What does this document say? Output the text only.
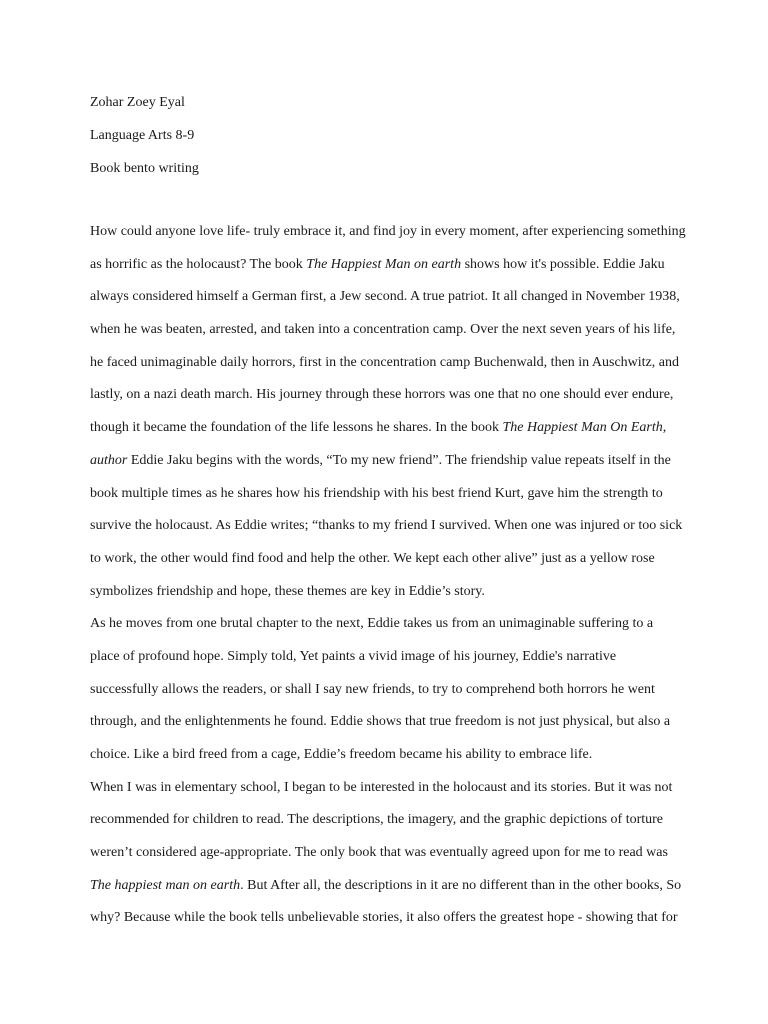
Zohar Zoey Eyal
Language Arts 8-9
Book bento writing
How could anyone love life- truly embrace it, and find joy in every moment, after experiencing something
as horrific as the holocaust? The book The Happiest Man on earth shows how it's possible. Eddie Jaku
always considered himself a German first, a Jew second. A true patriot. It all changed in November 1938,
when he was beaten, arrested, and taken into a concentration camp. Over the next seven years of his life,
he faced unimaginable daily horrors, first in the concentration camp Buchenwald, then in Auschwitz, and
lastly, on a nazi death march. His journey through these horrors was one that no one should ever endure,
though it became the foundation of the life lessons he shares. In the book The Happiest Man On Earth,
author Eddie Jaku begins with the words, “To my new friend”. The friendship value repeats itself in the
book multiple times as he shares how his friendship with his best friend Kurt, gave him the strength to
survive the holocaust. As Eddie writes; “thanks to my friend I survived. When one was injured or too sick
to work, the other would find food and help the other. We kept each other alive” just as a yellow rose
symbolizes friendship and hope, these themes are key in Eddie’s story.
As he moves from one brutal chapter to the next, Eddie takes us from an unimaginable suffering to a
place of profound hope. Simply told, Yet paints a vivid image of his journey, Eddie's narrative
successfully allows the readers, or shall I say new friends, to try to comprehend both horrors he went
through, and the enlightenments he found. Eddie shows that true freedom is not just physical, but also a
choice. Like a bird freed from a cage, Eddie’s freedom became his ability to embrace life.
When I was in elementary school, I began to be interested in the holocaust and its stories. But it was not
recommended for children to read. The descriptions, the imagery, and the graphic depictions of torture
weren’t considered age-appropriate. The only book that was eventually agreed upon for me to read was
The happiest man on earth. But After all, the descriptions in it are no different than in the other books, So
why? Because while the book tells unbelievable stories, it also offers the greatest hope - showing that for
